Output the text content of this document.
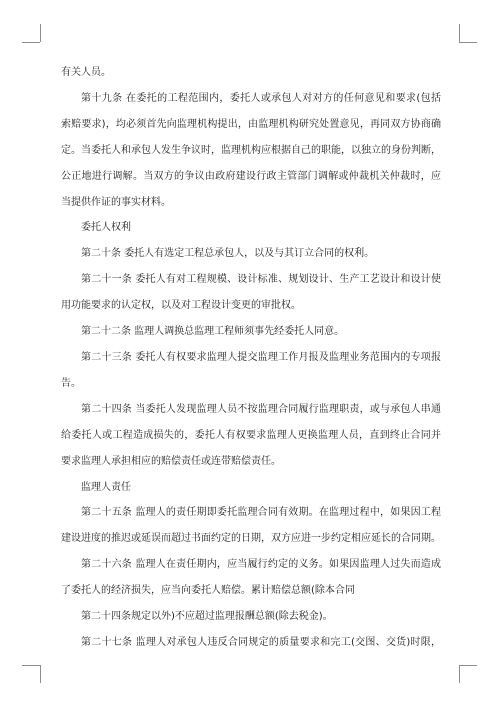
有关人员。
第十九条 在委托的工程范围内，委托人或承包人对对方的任何意见和要求(包括
索赔要求)，均必须首先向监理机构提出，由监理机构研究处置意见，再同双方协商确
定。当委托人和承包人发生争议时，监理机构应根据自己的职能，以独立的身份判断，
公正地进行调解。当双方的争议由政府建设行政主管部门调解或仲裁机关仲裁时，应
当提供作证的事实材料。
委托人权利
第二十条 委托人有选定工程总承包人，以及与其订立合同的权利。
第二十一条 委托人有对工程规模、设计标准、规划设计、生产工艺设计和设计使
用功能要求的认定权，以及对工程设计变更的审批权。
第二十二条 监理人调换总监理工程师须事先经委托人同意。
第二十三条 委托人有权要求监理人提交监理工作月报及监理业务范围内的专项报
告。
第二十四条 当委托人发现监理人员不按监理合同履行监理职责，或与承包人串通
给委托人或工程造成损失的，委托人有权要求监理人更换监理人员，直到终止合同并
要求监理人承担相应的赔偿责任或连带赔偿责任。
监理人责任
第二十五条 监理人的责任期即委托监理合同有效期。在监理过程中，如果因工程
建设进度的推迟或延误而超过书面约定的日期，双方应进一步约定相应延长的合同期。
第二十六条 监理人在责任期内，应当履行约定的义务。如果因监理人过失而造成
了委托人的经济损失，应当向委托人赔偿。累计赔偿总额(除本合同
第二十四条规定以外)不应超过监理报酬总额(除去税金)。
第二十七条 监理人对承包人违反合同规定的质量要求和完工(交图、交货)时限，
